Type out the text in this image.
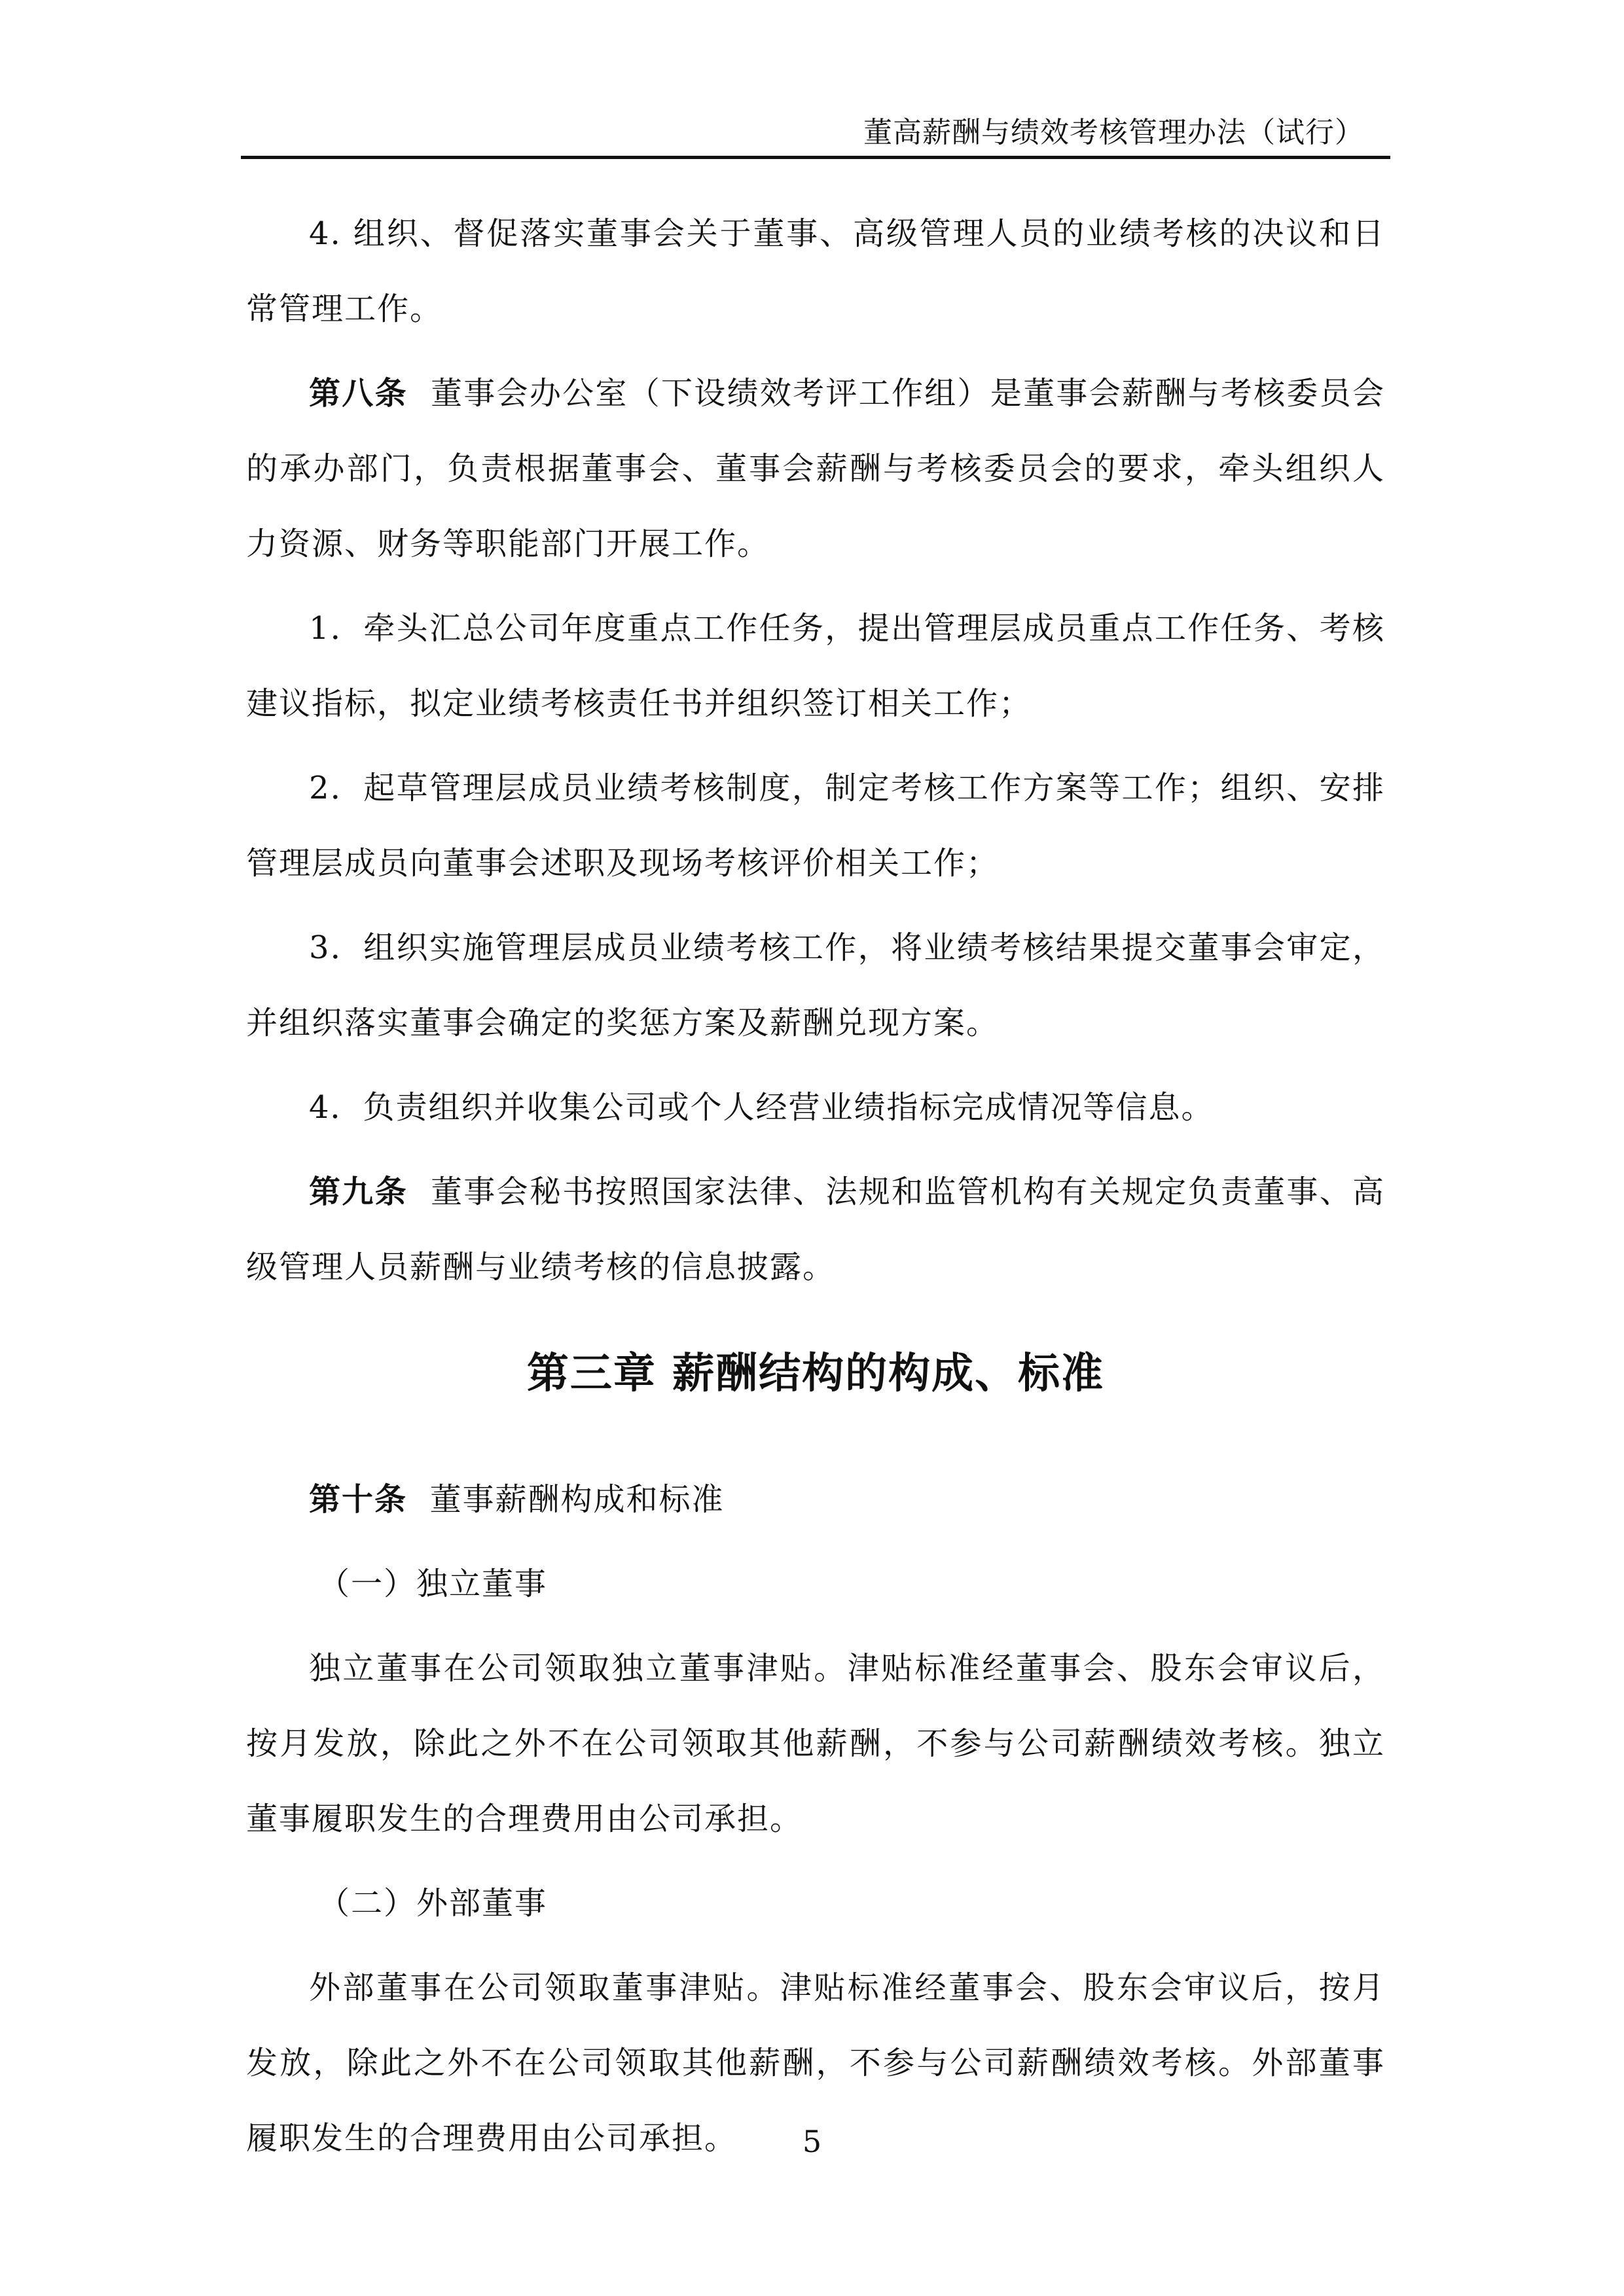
董高薪酬与绩效考核管理办法（试行）

4. 组织、督促落实董事会关于董事、高级管理人员的业绩考核的决议和日常管理工作。

第八条 董事会办公室（下设绩效考评工作组）是董事会薪酬与考核委员会的承办部门，负责根据董事会、董事会薪酬与考核委员会的要求，牵头组织人力资源、财务等职能部门开展工作。

1．牵头汇总公司年度重点工作任务，提出管理层成员重点工作任务、考核建议指标，拟定业绩考核责任书并组织签订相关工作；

2．起草管理层成员业绩考核制度，制定考核工作方案等工作；组织、安排管理层成员向董事会述职及现场考核评价相关工作；

3．组织实施管理层成员业绩考核工作，将业绩考核结果提交董事会审定，并组织落实董事会确定的奖惩方案及薪酬兑现方案。

4．负责组织并收集公司或个人经营业绩指标完成情况等信息。

第九条 董事会秘书按照国家法律、法规和监管机构有关规定负责董事、高级管理人员薪酬与业绩考核的信息披露。

第三章 薪酬结构的构成、标准

第十条 董事薪酬构成和标准

（一）独立董事

独立董事在公司领取独立董事津贴。津贴标准经董事会、股东会审议后，按月发放，除此之外不在公司领取其他薪酬，不参与公司薪酬绩效考核。独立董事履职发生的合理费用由公司承担。

（二）外部董事

外部董事在公司领取董事津贴。津贴标准经董事会、股东会审议后，按月发放，除此之外不在公司领取其他薪酬，不参与公司薪酬绩效考核。外部董事履职发生的合理费用由公司承担。	5
